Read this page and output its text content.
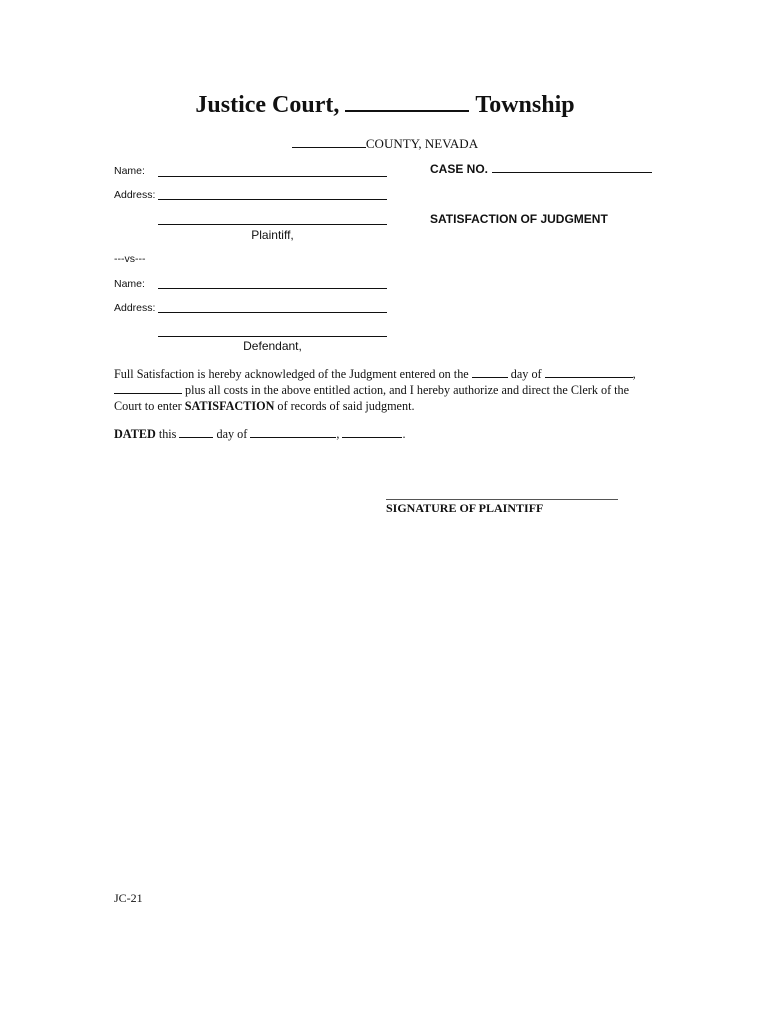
Justice Court,	Township
COUNTY, NEVADA
Name:
Address:
Plaintiff,
---vs---
Name:
Address:
Defendant,
CASE NO.
SATISFACTION OF JUDGMENT
Full Satisfaction is hereby acknowledged of the Judgment entered on the	day of	,  plus all costs in the above entitled action, and I hereby authorize and direct the Clerk of the Court to enter SATISFACTION of records of said judgment.
DATED this	day of	,	.
SIGNATURE OF PLAINTIFF
JC-21
